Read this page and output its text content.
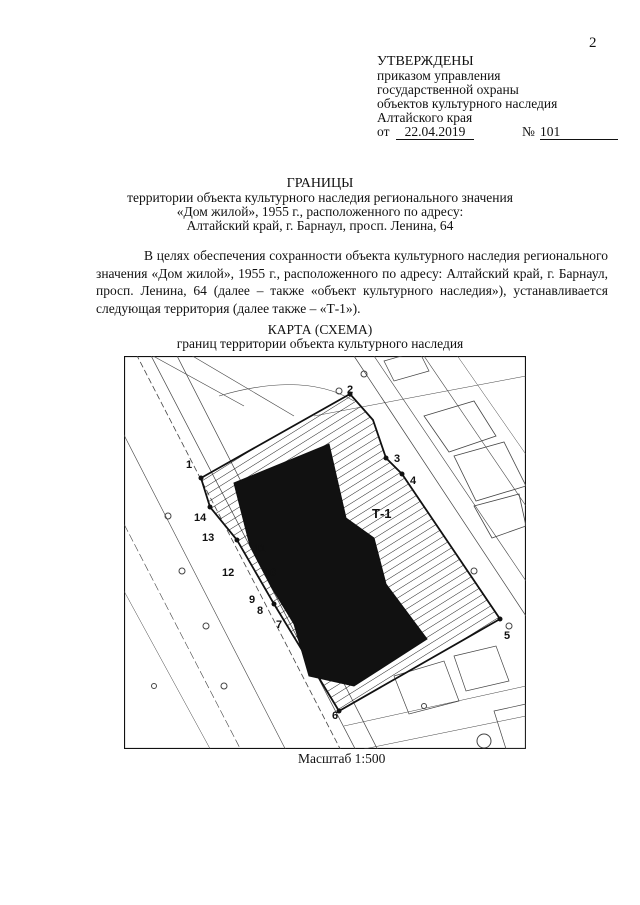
2
УТВЕРЖДЕНЫ
приказом управления
государственной охраны
объектов культурного наследия
Алтайского края
от	22.04.2019	№ 101
ГРАНИЦЫ
территории объекта культурного наследия регионального значения
«Дом жилой», 1955 г., расположенного по адресу:
Алтайский край, г. Барнаул, просп. Ленина, 64
В целях обеспечения сохранности объекта культурного наследия регионального значения «Дом жилой», 1955 г., расположенного по адресу: Алтайский край, г. Барнаул, просп. Ленина, 64 (далее – также «объект культурного наследия»), устанавливается следующая территория (далее также – «Т-1»).
КАРТА (СХЕМА)
границ территории объекта культурного наследия
1
2
3
4
5
6
7
8
9
10
11
12
13
14	Т-1
Масштаб 1:500
